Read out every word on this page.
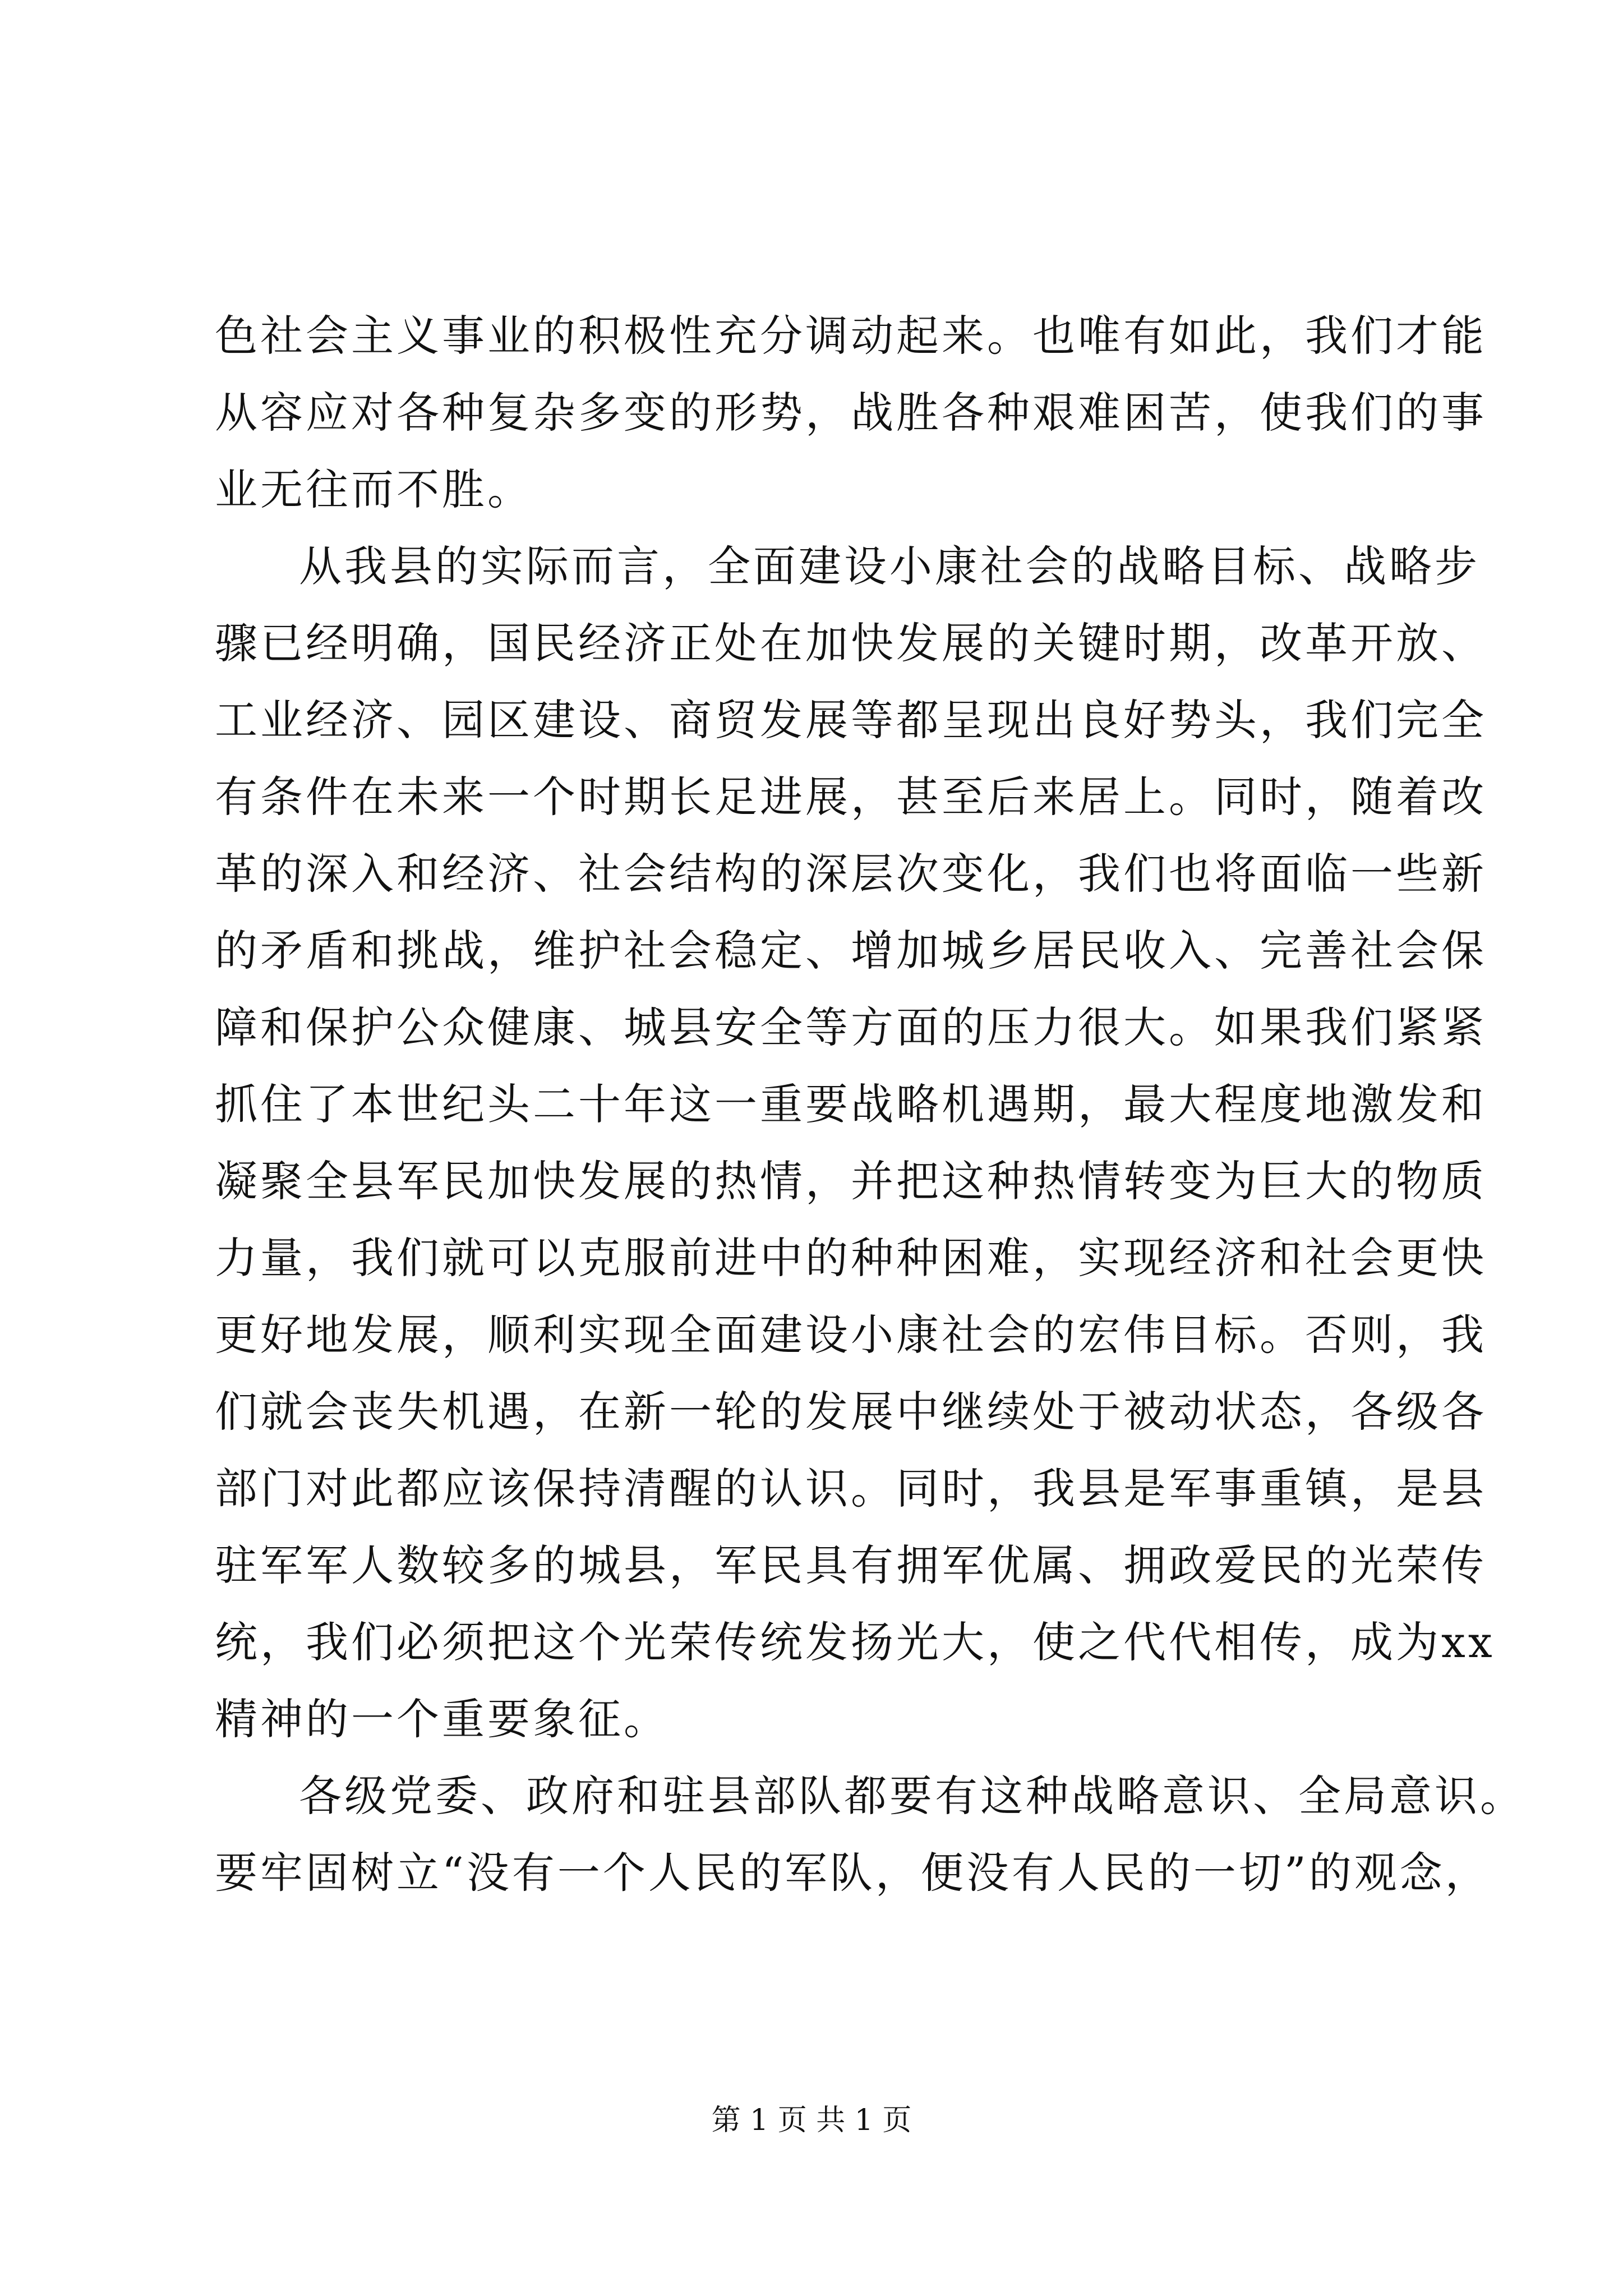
色社会主义事业的积极性充分调动起来。也唯有如此，我们才能
从容应对各种复杂多变的形势，战胜各种艰难困苦，使我们的事
业无往而不胜。
从我县的实际而言，全面建设小康社会的战略目标、战略步
骤已经明确，国民经济正处在加快发展的关键时期，改革开放、
工业经济、园区建设、商贸发展等都呈现出良好势头，我们完全
有条件在未来一个时期长足进展，甚至后来居上。同时，随着改
革的深入和经济、社会结构的深层次变化，我们也将面临一些新
的矛盾和挑战，维护社会稳定、增加城乡居民收入、完善社会保
障和保护公众健康、城县安全等方面的压力很大。如果我们紧紧
抓住了本世纪头二十年这一重要战略机遇期，最大程度地激发和
凝聚全县军民加快发展的热情，并把这种热情转变为巨大的物质
力量，我们就可以克服前进中的种种困难，实现经济和社会更快
更好地发展，顺利实现全面建设小康社会的宏伟目标。否则，我
们就会丧失机遇，在新一轮的发展中继续处于被动状态，各级各
部门对此都应该保持清醒的认识。同时，我县是军事重镇，是县
驻军军人数较多的城县，军民具有拥军优属、拥政爱民的光荣传
统，我们必须把这个光荣传统发扬光大，使之代代相传，成为xx
精神的一个重要象征。
各级党委、政府和驻县部队都要有这种战略意识、全局意识。
要牢固树立“没有一个人民的军队，便没有人民的一切”的观念，
第 1 页 共 1 页
